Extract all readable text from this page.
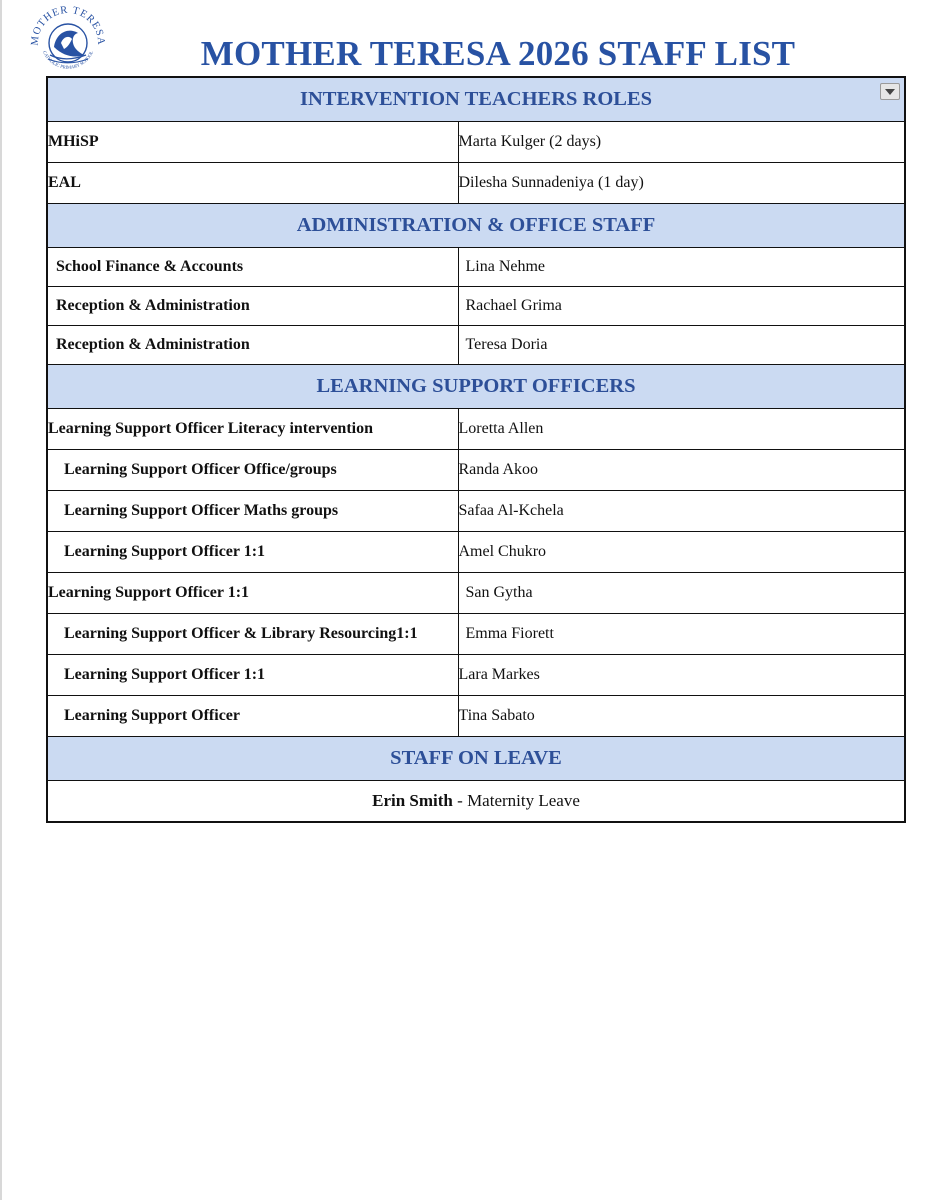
MOTHER TERESA
CATHOLIC PRIMARY SCHOOL	MOTHER TERESA 2026 STAFF LIST
INTERVENTION TEACHERS ROLES	

MHiSP	Marta Kulger (2 days)
EAL	Dilesha Sunnadeniya (1 day)
ADMINISTRATION & OFFICE STAFF	
School Finance & Accounts	Lina Nehme
Reception & Administration	Rachael Grima
Reception & Administration	Teresa Doria
LEARNING SUPPORT OFFICERS	
Learning Support Officer Literacy intervention	Loretta Allen
Learning Support Officer Office/groups	Randa Akoo
Learning Support Officer Maths groups	Safaa Al-Kchela
Learning Support Officer 1:1	Amel Chukro
Learning Support Officer 1:1	San Gytha
Learning Support Officer & Library Resourcing1:1	Emma Fiorett
Learning Support Officer 1:1	Lara Markes
Learning Support Officer	Tina Sabato
STAFF ON LEAVE	
Erin Smith - Maternity Leave	
